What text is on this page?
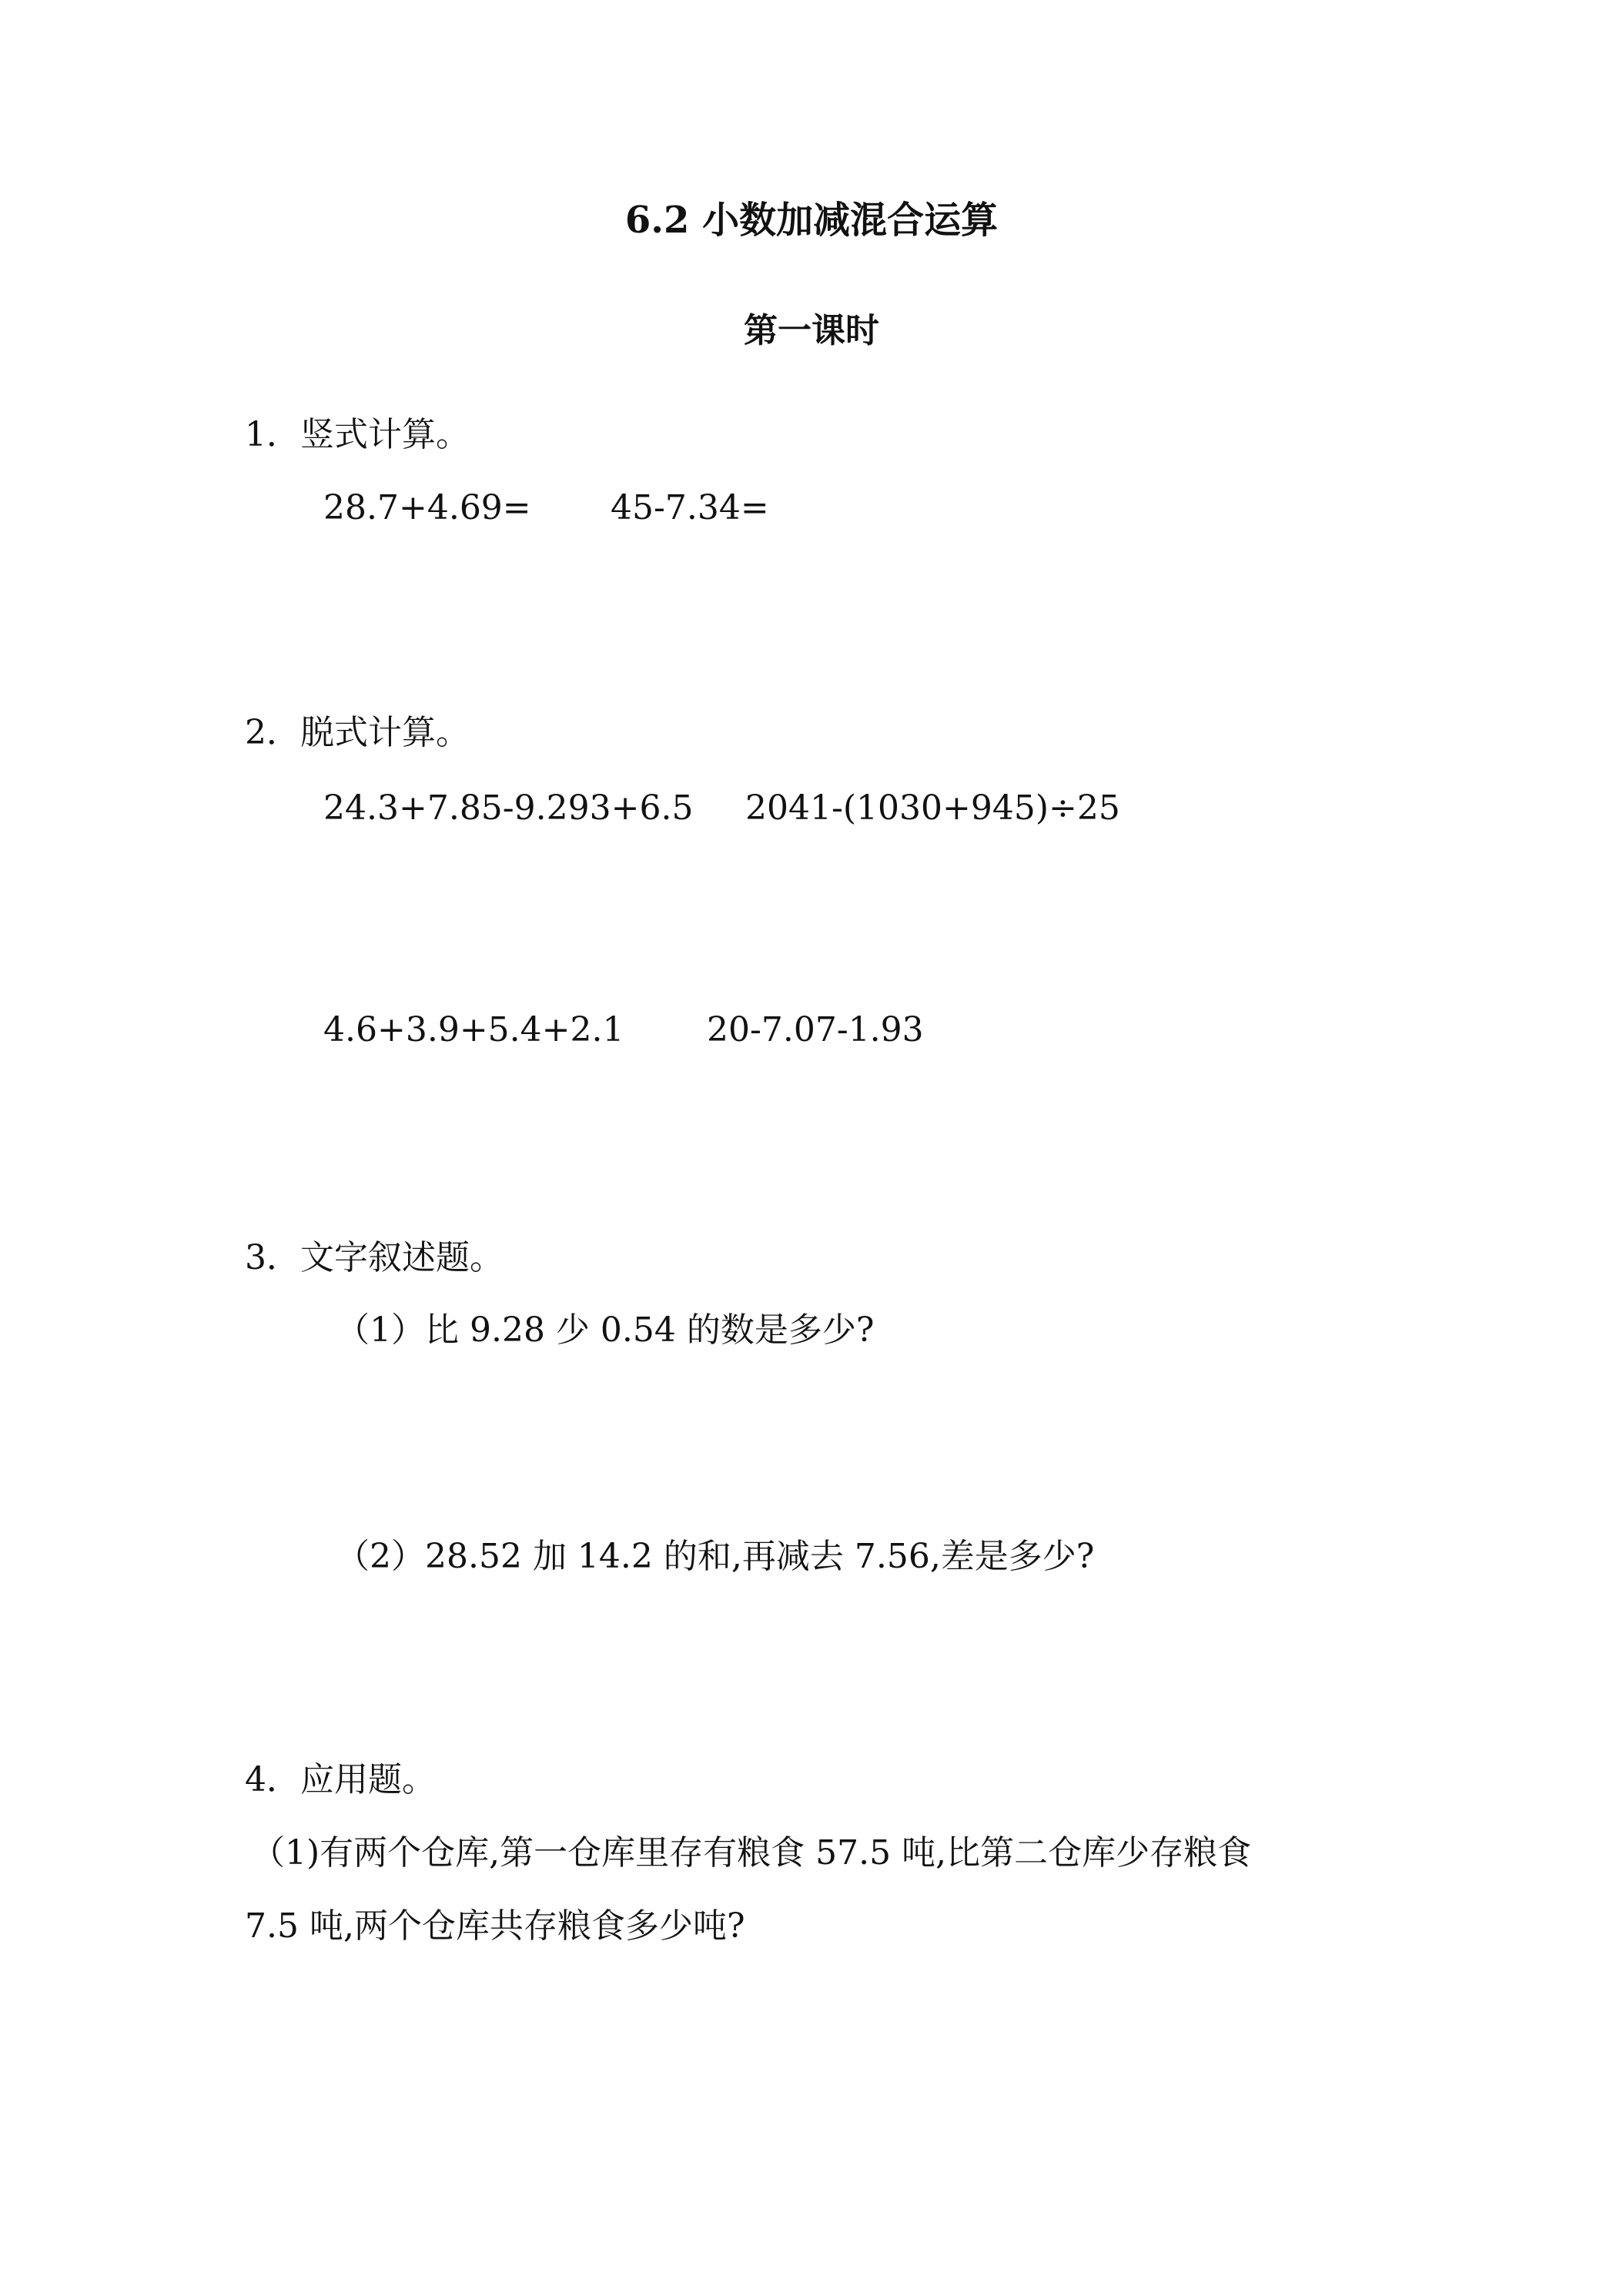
6.2 小数加减混合运算
第一课时
1．竖式计算。
28.7+4.69= 45-7.34=
2．脱式计算。
24.3+7.85-9.293+6.5 2041-(1030+945)÷25
4.6+3.9+5.4+2.1 20-7.07-1.93
3．文字叙述题。
（1）比 9.28 少 0.54 的数是多少?
（2）28.52 加 14.2 的和,再减去 7.56,差是多少?
4．应用题。
（1)有两个仓库,第一仓库里存有粮食 57.5 吨,比第二仓库少存粮食
7.5 吨,两个仓库共存粮食多少吨?
